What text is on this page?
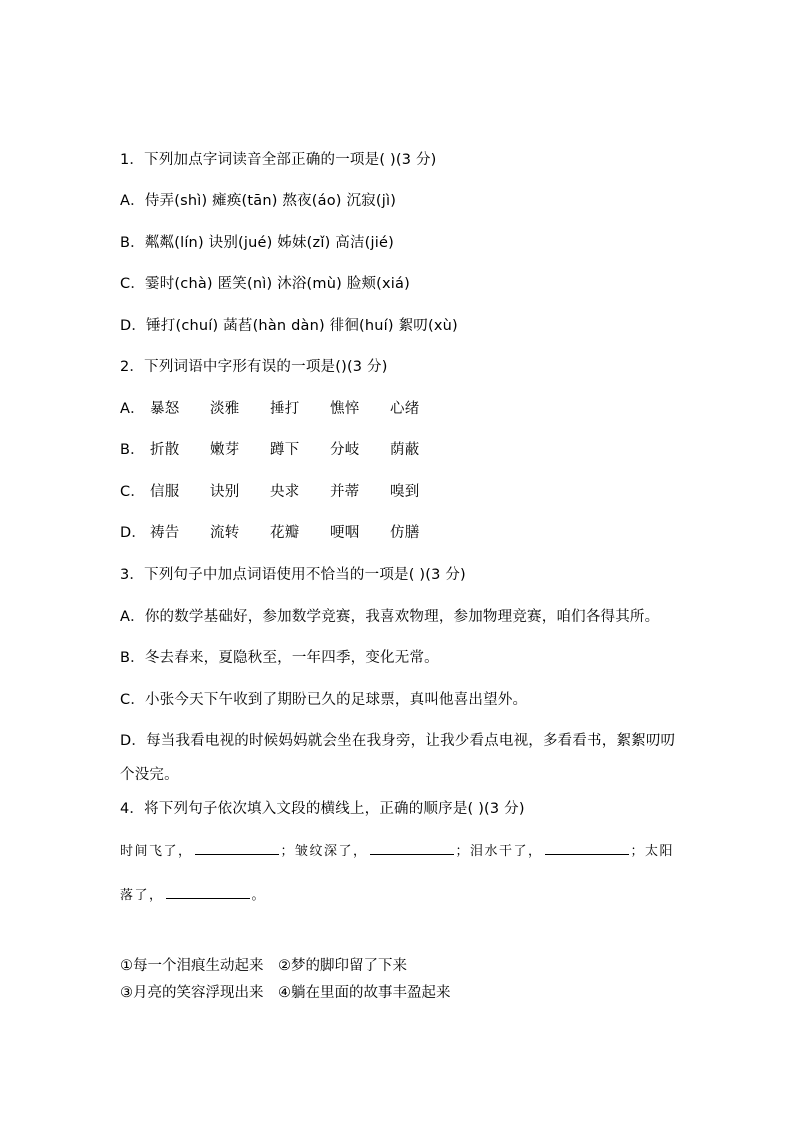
1．下列加点字词读音全部正确的一项是( )(3 分)
A．侍弄(shì) 瘫痪(tān) 熬夜(áo) 沉寂(jì)
B．粼粼(lín) 诀别(jué) 姊妹(zǐ) 高洁(jié)
C．霎时(chà) 匿笑(nì) 沐浴(mù) 脸颊(xiá)
D．锤打(chuí) 菡萏(hàn dàn) 徘徊(huí) 絮叨(xù)
2．下列词语中字形有误的一项是()(3 分)
A． 暴怒 淡雅 捶打 憔悴 心绪
B． 折散 嫩芽 蹲下 分岐 荫蔽
C． 信服 诀别 央求 并蒂 嗅到
D． 祷告 流转 花瓣 哽咽 仿膳
3．下列句子中加点词语使用不恰当的一项是( )(3 分)
A．你的数学基础好，参加数学竞赛，我喜欢物理，参加物理竞赛，咱们各得其所。
B．冬去春来，夏隐秋至，一年四季，变化无常。
C．小张今天下午收到了期盼已久的足球票，真叫他喜出望外。
D．每当我看电视的时候妈妈就会坐在我身旁，让我少看点电视，多看看书，絮絮叨叨
个没完。
4．将下列句子依次填入文段的横线上，正确的顺序是( )(3 分)
时间飞了，	；皱纹深了，	；泪水干了，	；太阳
落了，	。
①每一个泪痕生动起来　②梦的脚印留了下来
③月亮的笑容浮现出来　④躺在里面的故事丰盈起来
